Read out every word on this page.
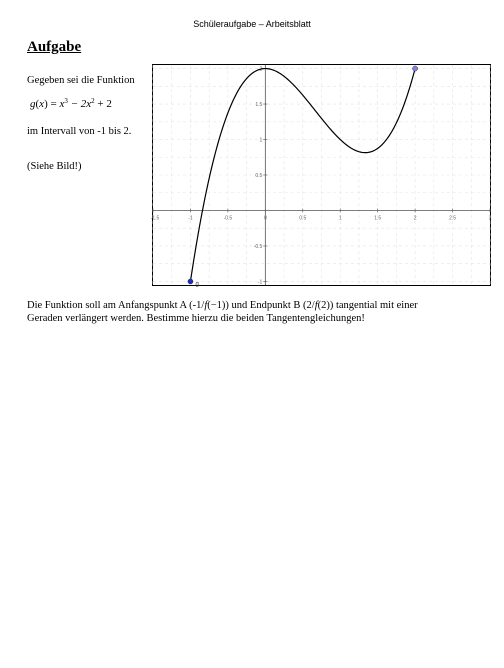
Schüleraufgabe – Arbeitsblatt
Aufgabe
Gegeben sei die Funktion
$g(x) = x^3 - 2x^2 + 2$
im Intervall von -1 bis 2.
(Siehe Bild!)
-1.5	-1	-0.5	0	0.5	1	1.5	2	2.5	3
-1
-0.5
0.5
1
1.5
2
g
Die Funktion soll am Anfangspunkt A (-1/f(−1)) und Endpunkt B (2/f(2)) tangential mit einer
Geraden verlängert werden. Bestimme hierzu die beiden Tangentengleichungen!
